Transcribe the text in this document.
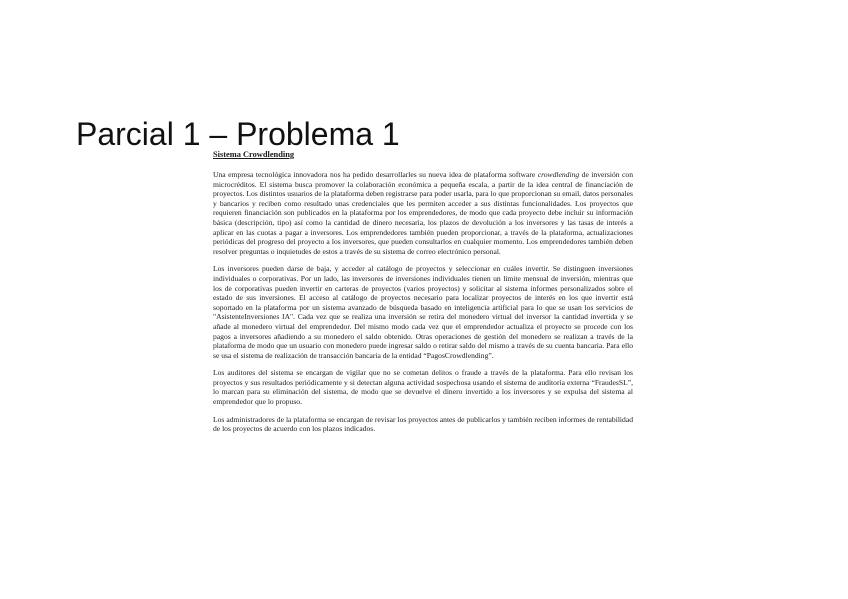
Parcial 1 – Problema 1
Sistema Crowdlending

Una empresa tecnológica innovadora nos ha pedido desarrollarles su nueva idea de plataforma software crowdlending de inversión con microcréditos. El sistema busca promover la colaboración económica a pequeña escala, a partir de la idea central de financiación de proyectos. Los distintos usuarios de la plataforma deben registrarse para poder usarla, para lo que proporcionan su email, datos personales y bancarios y reciben como resultado unas credenciales que les permiten acceder a sus distintas funcionalidades. Los proyectos que requieren financiación son publicados en la plataforma por los emprendedores, de modo que cada proyecto debe incluir su información básica (descripción, tipo) así como la cantidad de dinero necesaria, los plazos de devolución a los inversores y las tasas de interés a aplicar en las cuotas a pagar a inversores. Los emprendedores también pueden proporcionar, a través de la plataforma, actualizaciones periódicas del progreso del proyecto a los inversores, que pueden consultarlos en cualquier momento. Los emprendedores también deben resolver preguntas o inquietudes de estos a través de su sistema de correo electrónico personal.

Los inversores pueden darse de baja, y acceder al catálogo de proyectos y seleccionar en cuáles invertir. Se distinguen inversiones individuales o corporativas. Por un lado, las inversores de inversiones individuales tienen un límite mensual de inversión, mientras que los de corporativas pueden invertir en carteras de proyectos (varios proyectos) y solicitar al sistema informes personalizados sobre el estado de sus inversiones. El acceso al catálogo de proyectos necesario para localizar proyectos de interés en los que invertir está soportado en la plataforma por un sistema avanzado de búsqueda basado en inteligencia artificial para lo que se usan los servicios de "AsistenteInversiones IA". Cada vez que se realiza una inversión se retira del monedero virtual del inversor la cantidad invertida y se añade al monedero virtual del emprendedor. Del mismo modo cada vez que el emprendedor actualiza el proyecto se procede con los pagos a inversores añadiendo a su monedero el saldo obtenido. Otras operaciones de gestión del monedero se realizan a través de la plataforma de modo que un usuario con monedero puede ingresar saldo o retirar saldo del mismo a través de su cuenta bancaria. Para ello se usa el sistema de realización de transacción bancaria de la entidad “PagosCrowdlending”.

Los auditores del sistema se encargan de vigilar que no se cometan delitos o fraude a través de la plataforma. Para ello revisan los proyectos y sus resultados periódicamente y si detectan alguna actividad sospechosa usando el sistema de auditoría externa “FraudesSL”, lo marcan para su eliminación del sistema, de modo que se devuelve el dinero invertido a los inversores y se expulsa del sistema al emprendedor que lo propuso.

Los administradores de la plataforma se encargan de revisar los proyectos antes de publicarlos y también reciben informes de rentabilidad de los proyectos de acuerdo con los plazos indicados.
